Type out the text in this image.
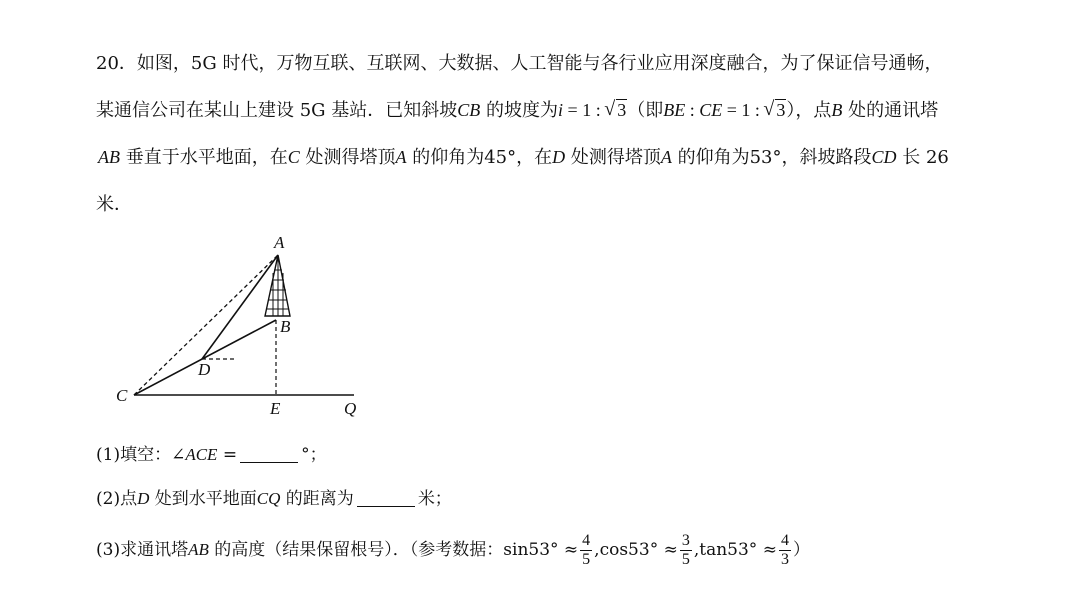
20．如图，5G 时代，万物互联、互联网、大数据、人工智能与各行业应用深度融合，为了保证信号通畅，
某通信公司在某山上建设 5G 基站．已知斜坡CB 的坡度为i = 1 : √ 3（即BE : CE = 1 : √ 3），点B 处的通讯塔
AB 垂直于水平地面，在C 处测得塔顶A 的仰角为45°，在D 处测得塔顶A 的仰角为53°，斜坡路段CD 长 26
米．
A
B
C
D
E	Q
(1)填空：∠ACE =	°；
(2)点D 处到水平地面CQ 的距离为	米；
(3)求通讯塔AB 的高度（结果保留根号）．（参考数据：$\sin 53^\circ \approx \frac{4}{5} ,\cos 53^\circ \approx \frac{3}{5} ,\tan 53^\circ \approx \frac{4}{3}$ ）
